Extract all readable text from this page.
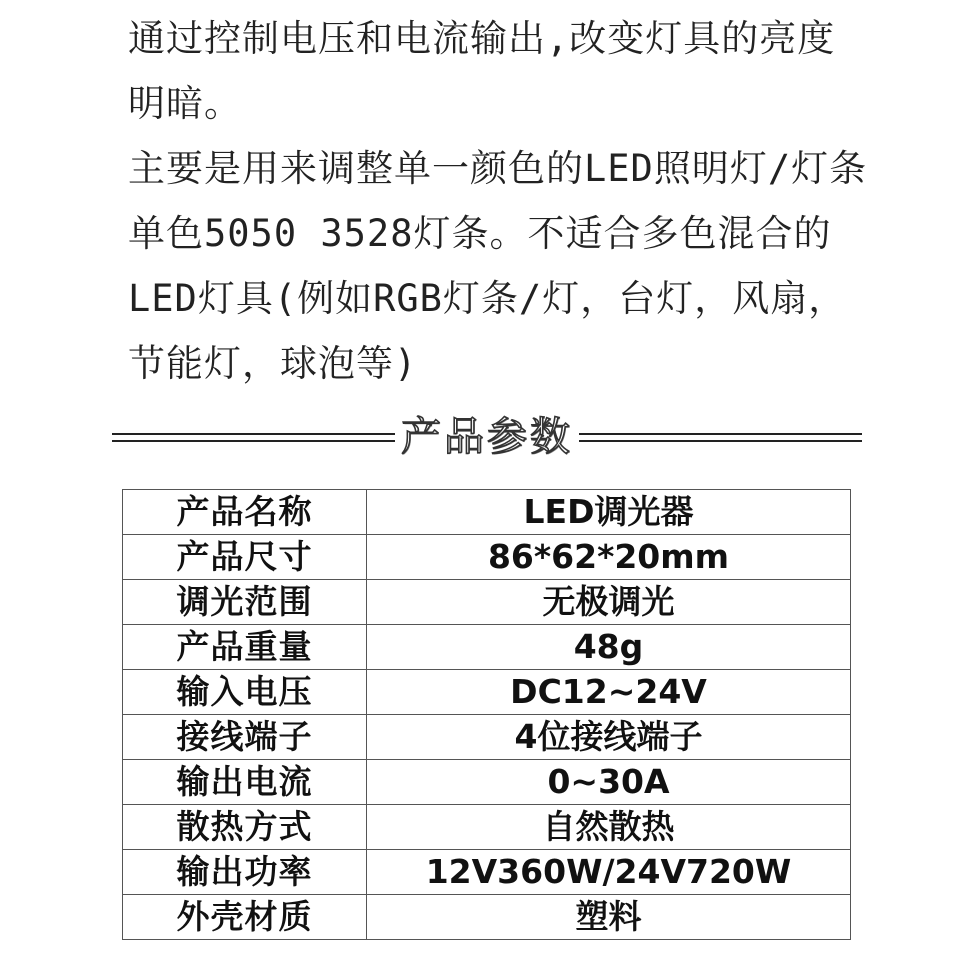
通过控制电压和电流输出,改变灯具的亮度明暗。

主要是用来调整单一颜色的LED照明灯/灯条 单色5050 3528灯条。不适合多色混合的LED灯具(例如RGB灯条/灯，台灯，风扇，节能灯，球泡等)

产品参数
产品名称	LED调光器
产品尺寸	86*62*20mm
调光范围	无极调光
产品重量	48g
输入电压	DC12~24V
接线端子	4位接线端子
输出电流	0~30A
散热方式	自然散热
输出功率	12V360W/24V720W
外壳材质	塑料
